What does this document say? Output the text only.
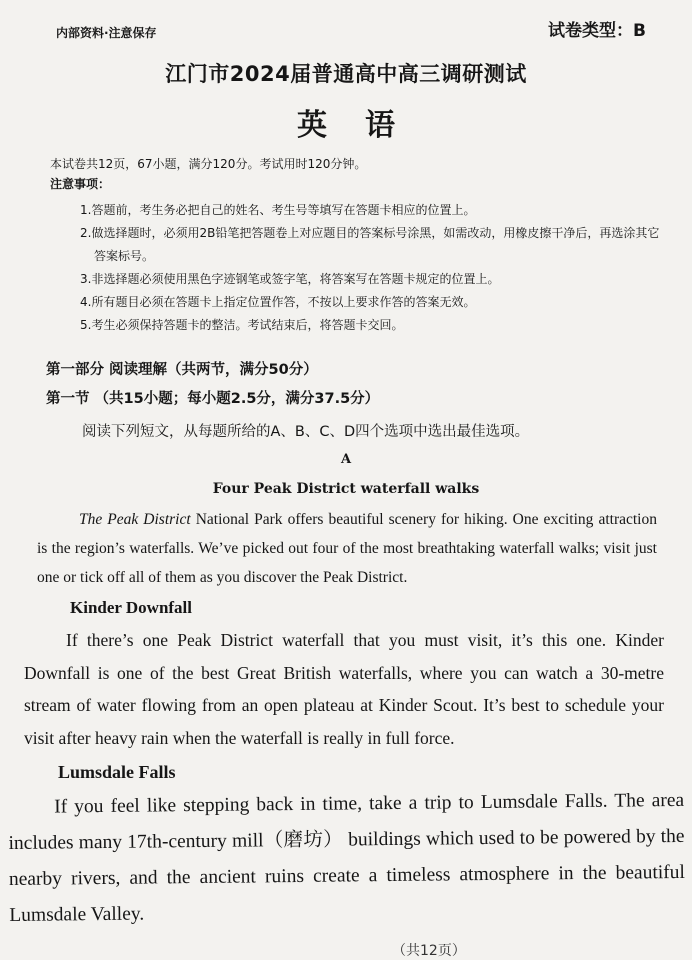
内部资料·注意保存	试卷类型：B
江门市2024届普通高中高三调研测试
英语
本试卷共12页，67小题，满分120分。考试用时120分钟。
注意事项：
1.答题前，考生务必把自己的姓名、考生号等填写在答题卡相应的位置上。
2.做选择题时，必须用2B铅笔把答题卷上对应题目的答案标号涂黑，如需改动，用橡皮擦干净后，再选涂其它答案标号。
3.非选择题必须使用黑色字迹钢笔或签字笔，将答案写在答题卡规定的位置上。
4.所有题目必须在答题卡上指定位置作答，不按以上要求作答的答案无效。
5.考生必须保持答题卡的整洁。考试结束后，将答题卡交回。
第一部分 阅读理解（共两节，满分50分）
第一节 （共15小题；每小题2.5分，满分37.5分）
阅读下列短文，从每题所给的A、B、C、D四个选项中选出最佳选项。
A
Four Peak District waterfall walks

The Peak District National Park offers beautiful scenery for hiking. One exciting attraction is the region’s waterfalls. We’ve picked out four of the most breathtaking waterfall walks; visit just one or tick off all of them as you discover the Peak District.

Kinder Downfall

If there’s one Peak District waterfall that you must visit, it’s this one. Kinder Downfall is one of the best Great British waterfalls, where you can watch a 30-metre stream of water flowing from an open plateau at Kinder Scout. It’s best to schedule your visit after heavy rain when the waterfall is really in full force.

Lumsdale Falls

If you feel like stepping back in time, take a trip to Lumsdale Falls. The area includes many 17th-century mill（磨坊） buildings which used to be powered by the nearby rivers, and the ancient ruins create a timeless atmosphere in the beautiful Lumsdale Valley.

（共12页）
